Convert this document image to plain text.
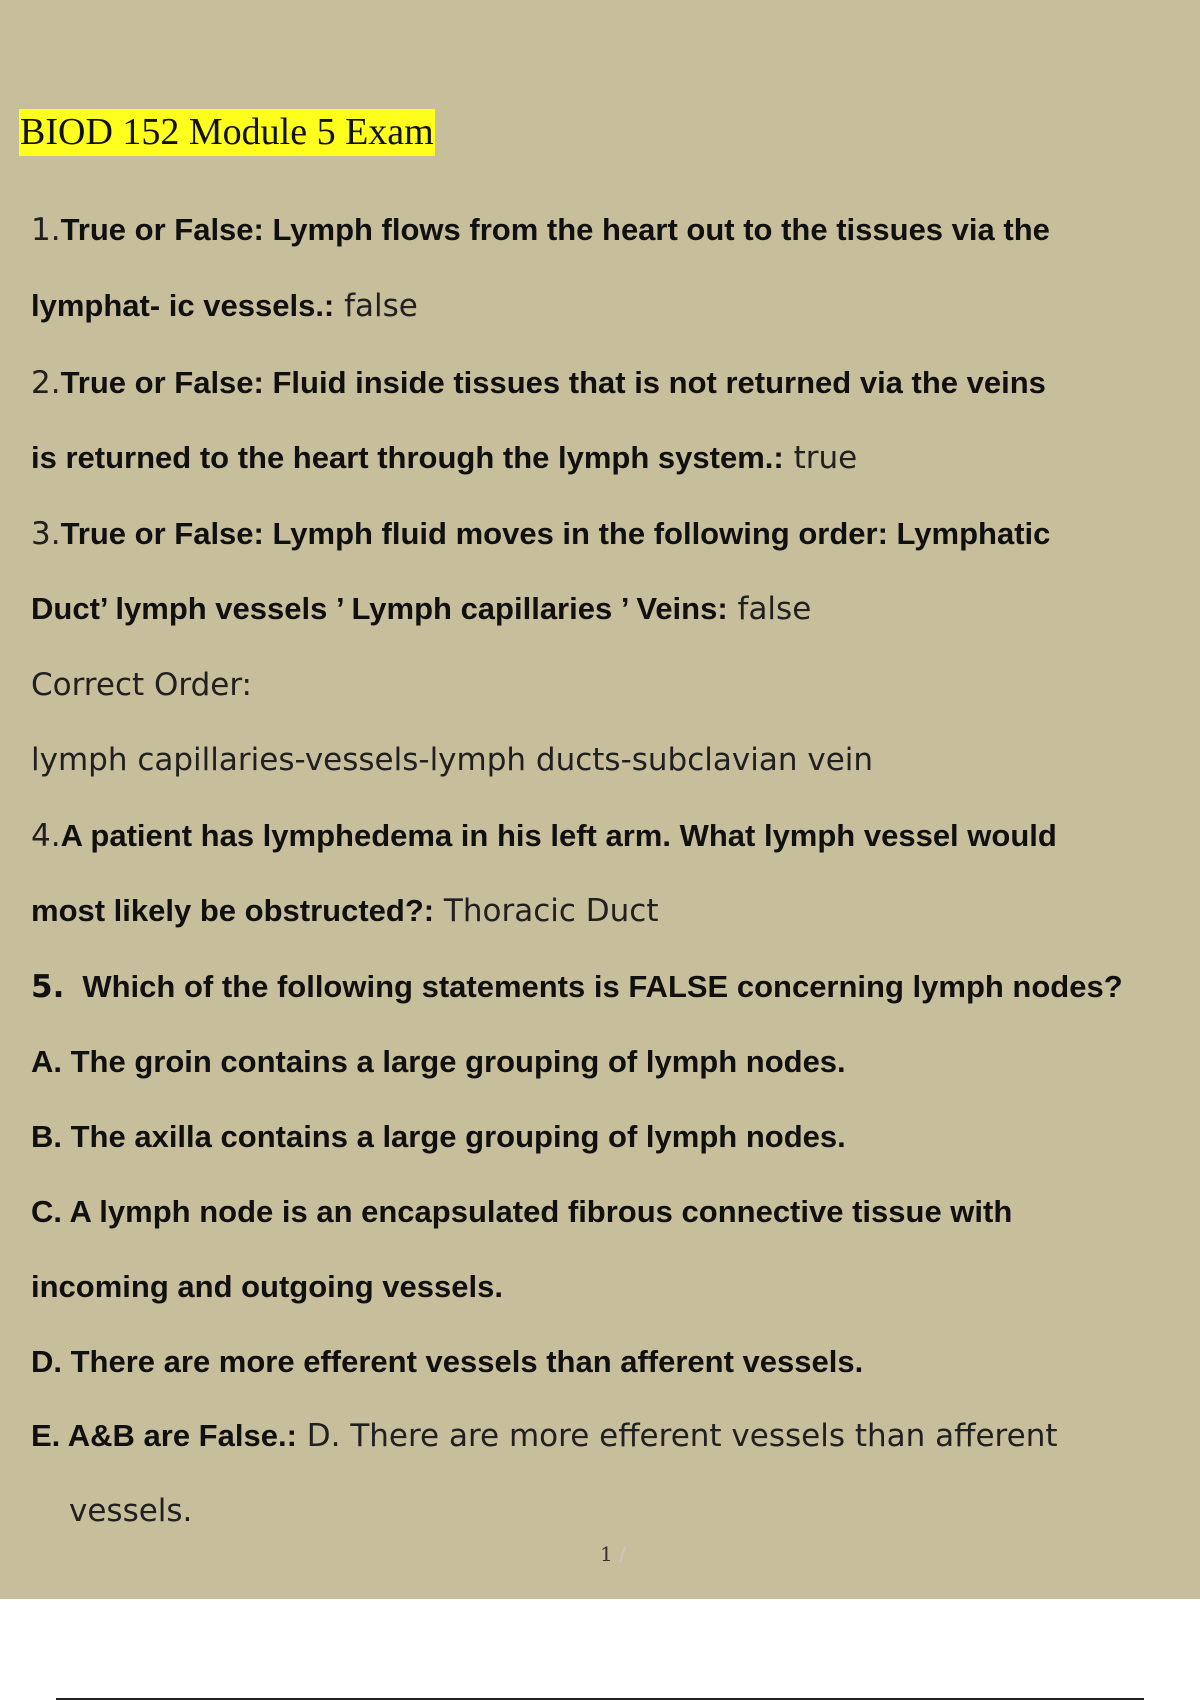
BIOD 152 Module 5 Exam
1.True or False: Lymph flows from the heart out to the tissues via the
lymphat- ic vessels.: false
2.True or False: Fluid inside tissues that is not returned via the veins
is returned to the heart through the lymph system.: true
3.True or False: Lymph fluid moves in the following order: Lymphatic
Duct’ lymph vessels ’ Lymph capillaries ’ Veins: false
Correct Order:
lymph capillaries-vessels-lymph ducts-subclavian vein
4.A patient has lymphedema in his left arm. What lymph vessel would
most likely be obstructed?: Thoracic Duct
5. Which of the following statements is FALSE concerning lymph nodes?
A. The groin contains a large grouping of lymph nodes.
B. The axilla contains a large grouping of lymph nodes.
C. A lymph node is an encapsulated fibrous connective tissue with
incoming and outgoing vessels.
D. There are more efferent vessels than afferent vessels.
E. A&B are False.: D. There are more efferent vessels than afferent
vessels.
1 /
